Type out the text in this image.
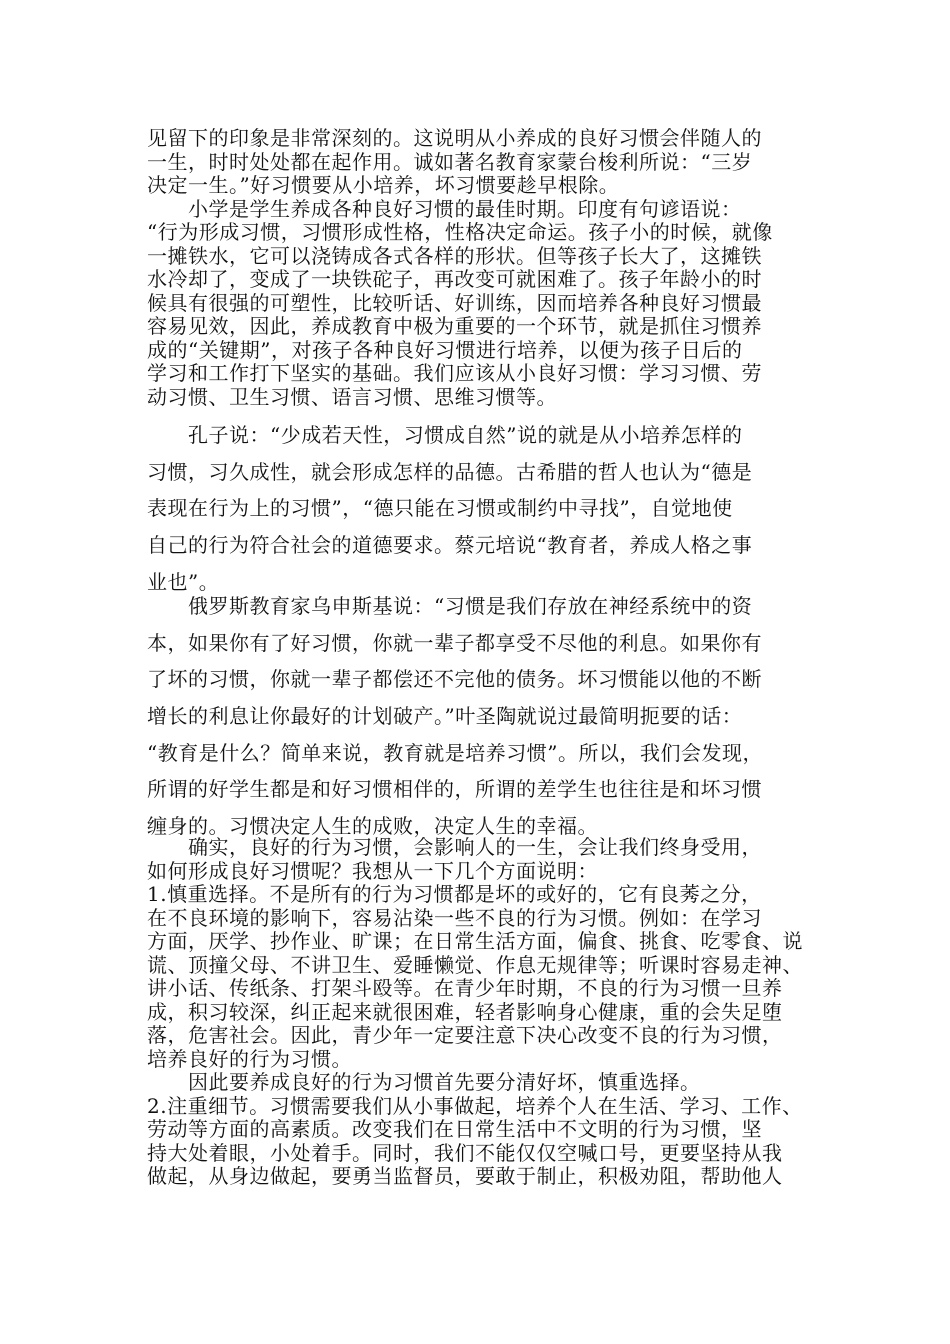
见留下的印象是非常深刻的。这说明从小养成的良好习惯会伴随人的
一生，时时处处都在起作用。诚如著名教育家蒙台梭利所说：“三岁
决定一生。”好习惯要从小培养，坏习惯要趁早根除。
　　小学是学生养成各种良好习惯的最佳时期。印度有句谚语说：
“行为形成习惯，习惯形成性格，性格决定命运。孩子小的时候，就像
一摊铁水，它可以浇铸成各式各样的形状。但等孩子长大了，这摊铁
水冷却了，变成了一块铁砣子，再改变可就困难了。孩子年龄小的时
候具有很强的可塑性，比较听话、好训练，因而培养各种良好习惯最
容易见效，因此，养成教育中极为重要的一个环节，就是抓住习惯养
成的“关键期”，对孩子各种良好习惯进行培养，以便为孩子日后的
学习和工作打下坚实的基础。我们应该从小良好习惯：学习习惯、劳
动习惯、卫生习惯、语言习惯、思维习惯等。
　　孔子说：“少成若天性，习惯成自然”说的就是从小培养怎样的
习惯，习久成性，就会形成怎样的品德。古希腊的哲人也认为“德是
表现在行为上的习惯”，“德只能在习惯或制约中寻找”，自觉地使
自己的行为符合社会的道德要求。蔡元培说“教育者，养成人格之事
业也”。
　　俄罗斯教育家乌申斯基说：“习惯是我们存放在神经系统中的资
本，如果你有了好习惯，你就一辈子都享受不尽他的利息。如果你有
了坏的习惯，你就一辈子都偿还不完他的债务。坏习惯能以他的不断
增长的利息让你最好的计划破产。”叶圣陶就说过最简明扼要的话：
“教育是什么？简单来说，教育就是培养习惯”。所以，我们会发现，
所谓的好学生都是和好习惯相伴的，所谓的差学生也往往是和坏习惯
缠身的。习惯决定人生的成败，决定人生的幸福。
　　确实，良好的行为习惯，会影响人的一生，会让我们终身受用，
如何形成良好习惯呢？我想从一下几个方面说明：
1.慎重选择。不是所有的行为习惯都是坏的或好的，它有良莠之分，
在不良环境的影响下，容易沾染一些不良的行为习惯。例如：在学习
方面，厌学、抄作业、旷课；在日常生活方面，偏食、挑食、吃零食、说
谎、顶撞父母、不讲卫生、爱睡懒觉、作息无规律等；听课时容易走神、
讲小话、传纸条、打架斗殴等。在青少年时期，不良的行为习惯一旦养
成，积习较深，纠正起来就很困难，轻者影响身心健康，重的会失足堕
落，危害社会。因此，青少年一定要注意下决心改变不良的行为习惯，
培养良好的行为习惯。
　　因此要养成良好的行为习惯首先要分清好坏，慎重选择。
2.注重细节。习惯需要我们从小事做起，培养个人在生活、学习、工作、
劳动等方面的高素质。改变我们在日常生活中不文明的行为习惯，坚
持大处着眼，小处着手。同时，我们不能仅仅空喊口号，更要坚持从我
做起，从身边做起，要勇当监督员，要敢于制止，积极劝阻，帮助他人
